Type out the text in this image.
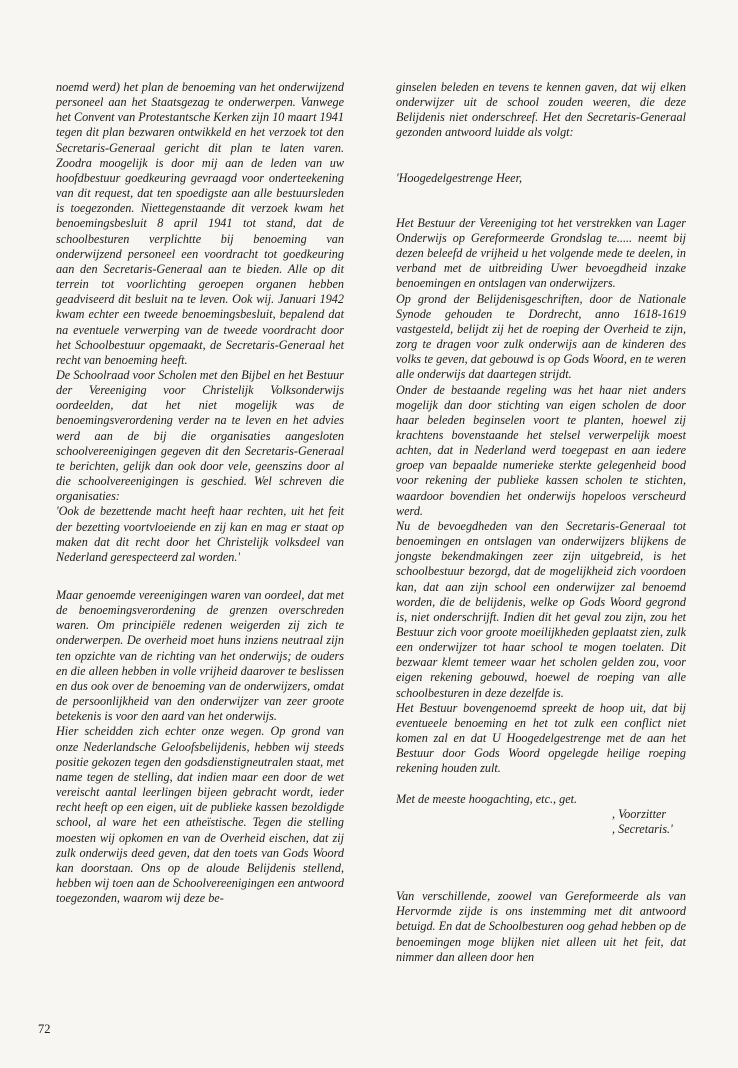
noemd werd) het plan de benoeming van het onderwijzend personeel aan het Staatsgezag te onderwerpen. Vanwege het Convent van Protestantsche Kerken zijn 10 maart 1941 tegen dit plan bezwaren ontwikkeld en het verzoek tot den Secretaris-Generaal gericht dit plan te laten varen. Zoodra moogelijk is door mij aan de leden van uw hoofdbestuur goedkeuring gevraagd voor onderteekening van dit request, dat ten spoedigste aan alle bestuursleden is toegezonden. Niettegenstaande dit verzoek kwam het benoemingsbesluit 8 april 1941 tot stand, dat de schoolbesturen verplichtte bij benoeming van onderwijzend personeel een voordracht tot goedkeuring aan den Secretaris-Generaal aan te bieden. Alle op dit terrein tot voorlichting geroepen organen hebben geadviseerd dit besluit na te leven. Ook wij. Januari 1942 kwam echter een tweede benoemingsbesluit, bepalend dat na eventuele verwerping van de tweede voordracht door het Schoolbestuur opgemaakt, de Secretaris-Generaal het recht van benoeming heeft.

De Schoolraad voor Scholen met den Bijbel en het Bestuur der Vereeniging voor Christelijk Volksonderwijs oordeelden, dat het niet mogelijk was de benoemingsverordening verder na te leven en het advies werd aan de bij die organisaties aangesloten schoolvereenigingen gegeven dit den Secretaris-Generaal te berichten, gelijk dan ook door vele, geenszins door al die schoolvereenigingen is geschied. Wel schreven die organisaties:

'Ook de bezettende macht heeft haar rechten, uit het feit der bezetting voortvloeiende en zij kan en mag er staat op maken dat dit recht door het Christelijk volksdeel van Nederland gerespecteerd zal worden.'

Maar genoemde vereenigingen waren van oordeel, dat met de benoemingsverordening de grenzen overschreden waren. Om principiële redenen weigerden zij zich te onderwerpen. De overheid moet huns inziens neutraal zijn ten opzichte van de richting van het onderwijs; de ouders en die alleen hebben in volle vrijheid daarover te beslissen en dus ook over de benoeming van de onderwijzers, omdat de persoonlijkheid van den onderwijzer van zeer groote betekenis is voor den aard van het onderwijs.

Hier scheidden zich echter onze wegen. Op grond van onze Nederlandsche Geloofsbelijdenis, hebben wij steeds positie gekozen tegen den godsdienstigneutralen staat, met name tegen de stelling, dat indien maar een door de wet vereischt aantal leerlingen bijeen gebracht wordt, ieder recht heeft op een eigen, uit de publieke kassen bezoldigde school, al ware het een atheïstische. Tegen die stelling moesten wij opkomen en van de Overheid eischen, dat zij zulk onderwijs deed geven, dat den toets van Gods Woord kan doorstaan. Ons op de aloude Belijdenis stellend, hebben wij toen aan de Schoolvereenigingen een antwoord toegezonden, waarom wij deze be-

ginselen beleden en tevens te kennen gaven, dat wij elken onderwijzer uit de school zouden weeren, die deze Belijdenis niet onderschreef. Het den Secretaris-Generaal gezonden antwoord luidde als volgt:

'Hoogedelgestrenge Heer,

Het Bestuur der Vereeniging tot het verstrekken van Lager Onderwijs op Gereformeerde Grondslag te..... neemt bij dezen beleefd de vrijheid u het volgende mede te deelen, in verband met de uitbreiding Uwer bevoegdheid inzake benoemingen en ontslagen van onderwijzers.

Op grond der Belijdenisgeschriften, door de Nationale Synode gehouden te Dordrecht, anno 1618-1619 vastgesteld, belijdt zij het de roeping der Overheid te zijn, zorg te dragen voor zulk onderwijs aan de kinderen des volks te geven, dat gebouwd is op Gods Woord, en te weren alle onderwijs dat daartegen strijdt.

Onder de bestaande regeling was het haar niet anders mogelijk dan door stichting van eigen scholen de door haar beleden beginselen voort te planten, hoewel zij krachtens bovenstaande het stelsel verwerpelijk moest achten, dat in Nederland werd toegepast en aan iedere groep van bepaalde numerieke sterkte gelegenheid bood voor rekening der publieke kassen scholen te stichten, waardoor bovendien het onderwijs hopeloos verscheurd werd.

Nu de bevoegdheden van den Secretaris-Generaal tot benoemingen en ontslagen van onderwijzers blijkens de jongste bekendmakingen zeer zijn uitgebreid, is het schoolbestuur bezorgd, dat de mogelijkheid zich voordoen kan, dat aan zijn school een onderwijzer zal benoemd worden, die de belijdenis, welke op Gods Woord gegrond is, niet onderschrijft. Indien dit het geval zou zijn, zou het Bestuur zich voor groote moeilijkheden geplaatst zien, zulk een onderwijzer tot haar school te mogen toelaten. Dit bezwaar klemt temeer waar het scholen gelden zou, voor eigen rekening gebouwd, hoewel de roeping van alle schoolbesturen in deze dezelfde is.

Het Bestuur bovengenoemd spreekt de hoop uit, dat bij eventueele benoeming en het tot zulk een conflict niet komen zal en dat U Hoogedelgestrenge met de aan het Bestuur door Gods Woord opgelegde heilige roeping rekening houden zult.

Met de meeste hoogachting, etc., get.

, Voorzitter

, Secretaris.'

Van verschillende, zoowel van Gereformeerde als van Hervormde zijde is ons instemming met dit antwoord betuigd. En dat de Schoolbesturen oog gehad hebben op de benoemingen moge blijken niet alleen uit het feit, dat nimmer dan alleen door hen

72
